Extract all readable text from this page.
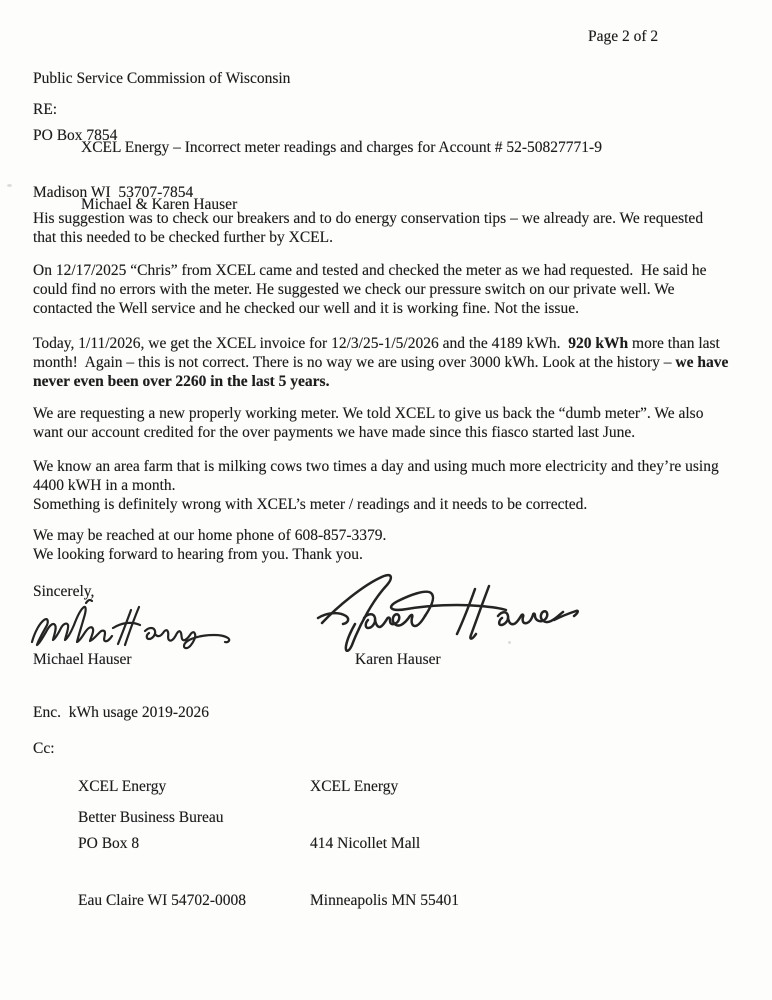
Public Service Commission of Wisconsin

PO Box 7854

Madison WI  53707-7854

Page 2 of 2
RE:

XCEL Energy – Incorrect meter readings and charges for Account # 52-50827771-9

Michael & Karen Hauser

His suggestion was to check our breakers and to do energy conservation tips – we already are. We requested
that this needed to be checked further by XCEL.
On 12/17/2025 “Chris” from XCEL came and tested and checked the meter as we had requested.  He said he
could find no errors with the meter. He suggested we check our pressure switch on our private well. We
contacted the Well service and he checked our well and it is working fine. Not the issue.
Today, 1/11/2026, we get the XCEL invoice for 12/3/25-1/5/2026 and the 4189 kWh.  920 kWh more than last
month!  Again – this is not correct. There is no way we are using over 3000 kWh. Look at the history – we have
never even been over 2260 in the last 5 years.
We are requesting a new properly working meter. We told XCEL to give us back the “dumb meter”. We also
want our account credited for the over payments we have made since this fiasco started last June.
We know an area farm that is milking cows two times a day and using much more electricity and they’re using
4400 kWH in a month.
Something is definitely wrong with XCEL’s meter / readings and it needs to be corrected.
We may be reached at our home phone of 608-857-3379.
We looking forward to hearing from you. Thank you.
Sincerely,
Michael Hauser	Karen Hauser
Enc.  kWh usage 2019-2026
Cc:

XCEL Energy

PO Box 8

Eau Claire WI 54702-0008

XCEL Energy

414 Nicollet Mall

Minneapolis MN 55401

Better Business Bureau
